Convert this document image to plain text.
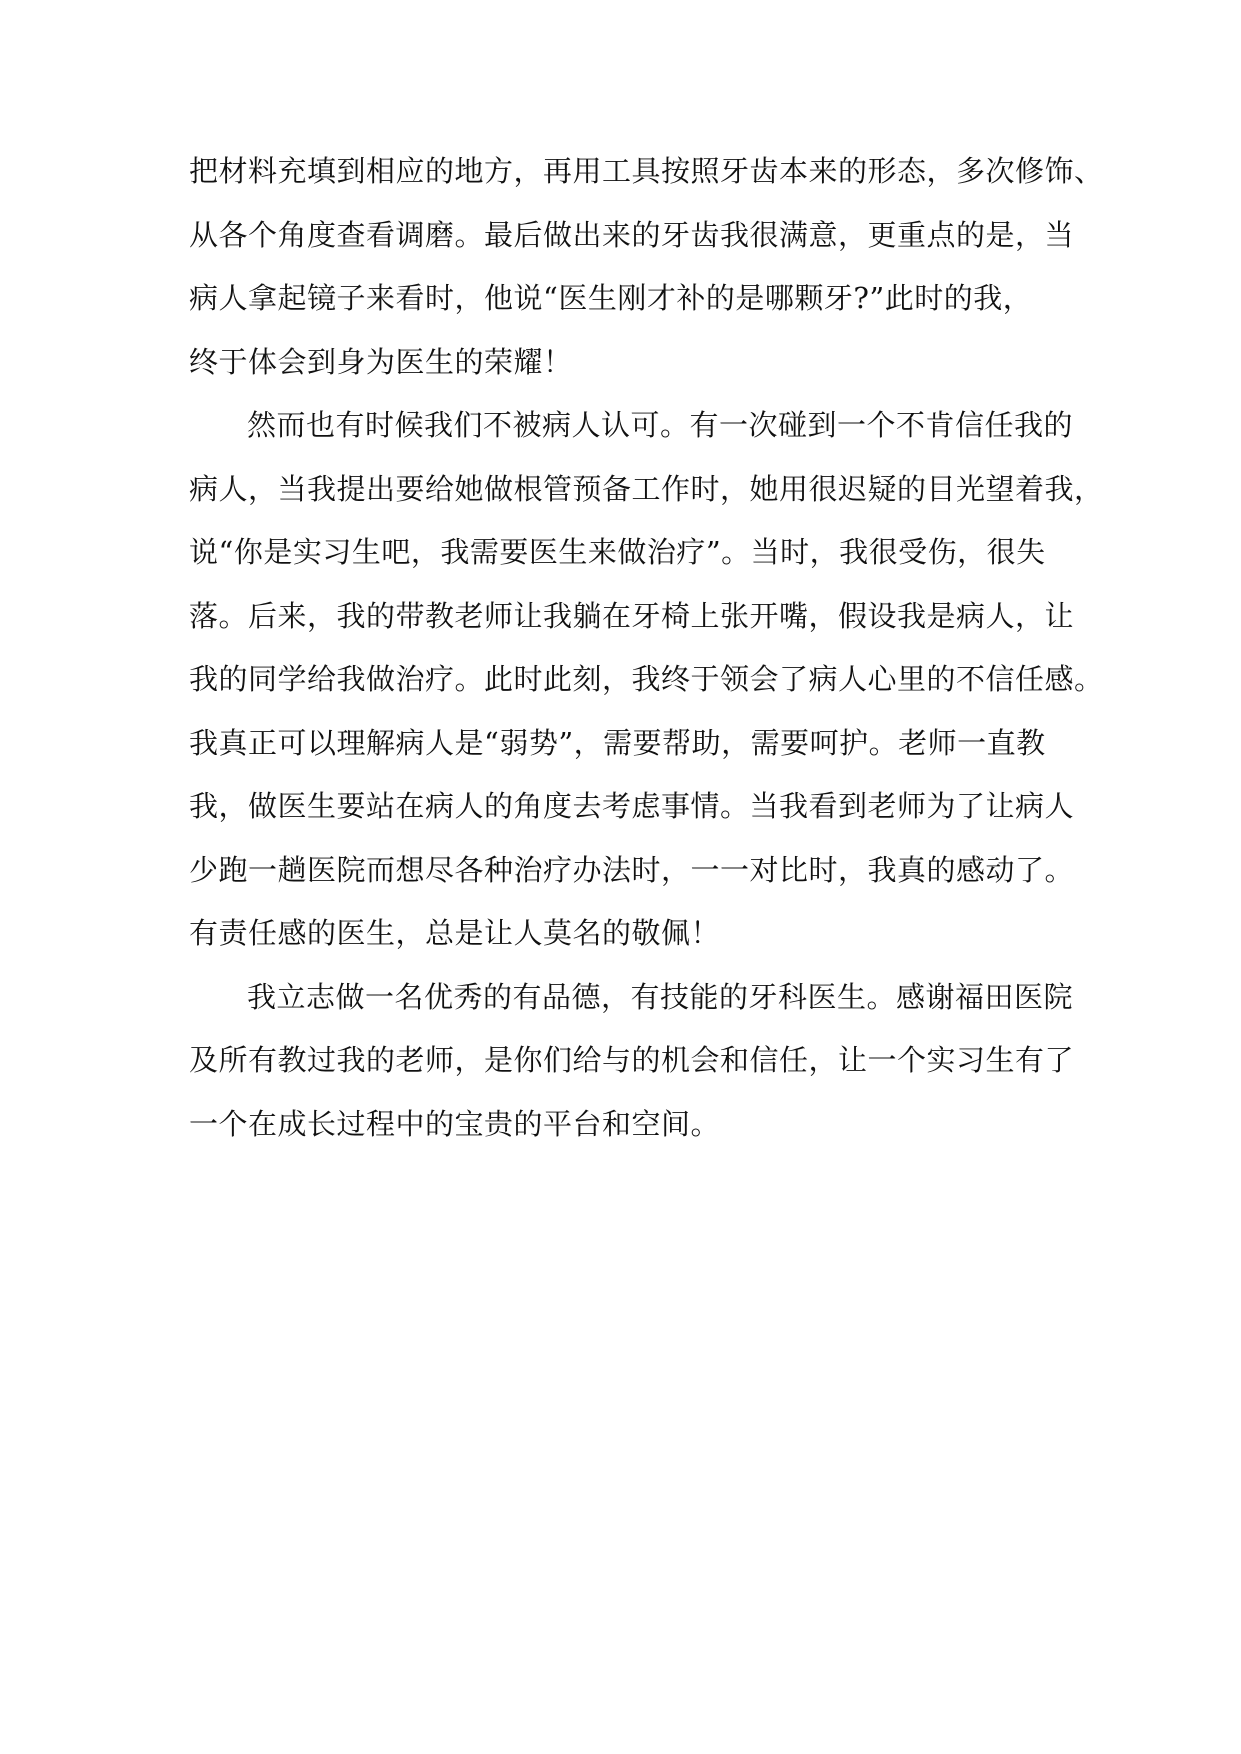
把材料充填到相应的地方，再用工具按照牙齿本来的形态，多次修饰、
从各个角度查看调磨。最后做出来的牙齿我很满意，更重点的是，当
病人拿起镜子来看时，他说“医生刚才补的是哪颗牙?”此时的我，
终于体会到身为医生的荣耀！
然而也有时候我们不被病人认可。有一次碰到一个不肯信任我的
病人，当我提出要给她做根管预备工作时，她用很迟疑的目光望着我，
说“你是实习生吧，我需要医生来做治疗”。当时，我很受伤，很失
落。后来，我的带教老师让我躺在牙椅上张开嘴，假设我是病人，让
我的同学给我做治疗。此时此刻，我终于领会了病人心里的不信任感。
我真正可以理解病人是“弱势”，需要帮助，需要呵护。老师一直教
我，做医生要站在病人的角度去考虑事情。当我看到老师为了让病人
少跑一趟医院而想尽各种治疗办法时，一一对比时，我真的感动了。
有责任感的医生，总是让人莫名的敬佩！
我立志做一名优秀的有品德，有技能的牙科医生。感谢福田医院
及所有教过我的老师，是你们给与的机会和信任，让一个实习生有了
一个在成长过程中的宝贵的平台和空间。
